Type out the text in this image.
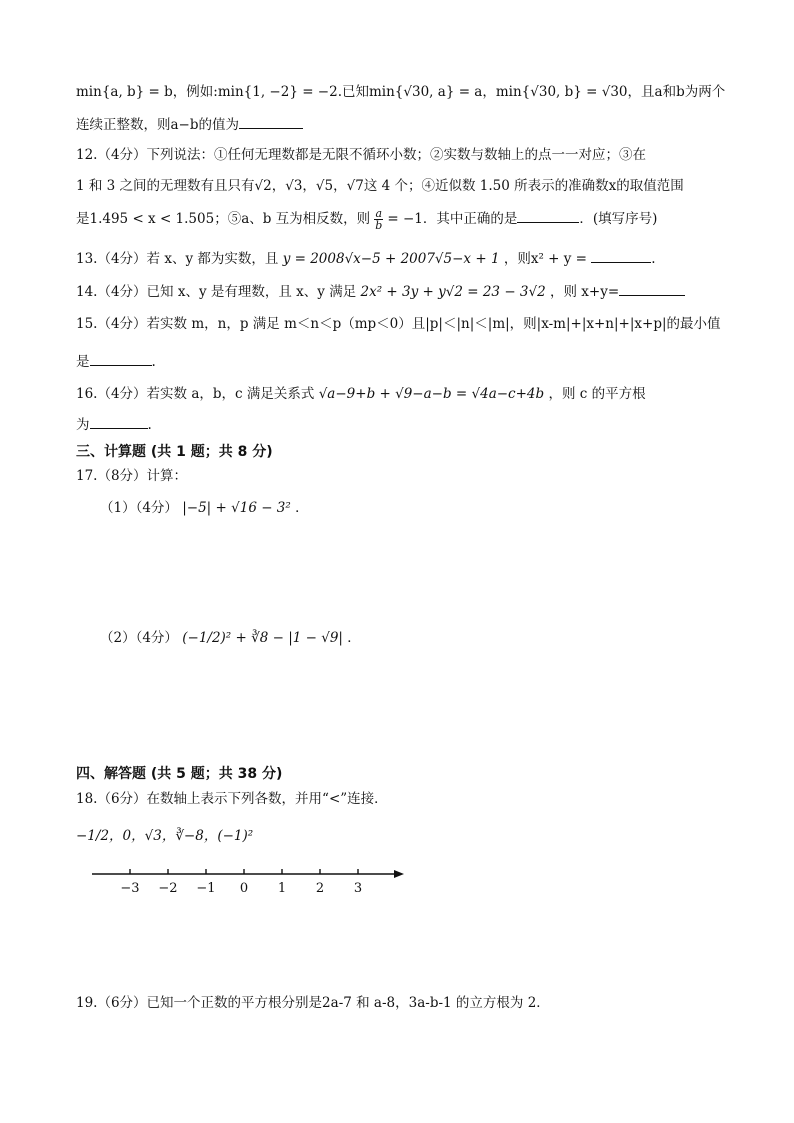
min{a, b} = b，例如:min{1, −2} = −2.已知min{√30, a} = a，min{√30, b} = √30，且a和b为两个
连续正整数，则a−b的值为
12.（4分）下列说法：①任何无理数都是无限不循环小数；②实数与数轴上的点一一对应；③在
1 和 3 之间的无理数有且只有√2，√3，√5，√7这 4 个；④近似数 1.50 所表示的准确数x的取值范围
是1.495 < x < 1.505；⑤a、b 互为相反数，则 $\frac{a}{b} = -1$．其中正确的是	．(填写序号)
13.（4分）若 x、y 都为实数，且 y = 2008√x−5 + 2007√5−x + 1 ，则x² + y =	.
14.（4分）已知 x、y 是有理数，且 x、y 满足 2x² + 3y + y√2 = 23 − 3√2 ，则 x+y=
15.（4分）若实数 m，n，p 满足 m＜n＜p（mp＜0）且|p|＜|n|＜|m|，则|x-m|+|x+n|+|x+p|的最小值
是	.
16.（4分）若实数 a，b，c 满足关系式 √a−9+b + √9−a−b = √4a−c+4b ，则 c 的平方根
为	.
三、计算题 (共 1 题；共 8 分)
17.（8分）计算：
（1）（4分） |−5| + √16 − 3² ．
（2）（4分） (−1/2)² + ∛8 − |1 − √9| ．
四、解答题 (共 5 题；共 38 分)
18.（6分）在数轴上表示下列各数，并用“<”连接．
−1/2，0，√3，∛−8，(−1)²
−3 −2 −1 0 1 2 3
19.（6分）已知一个正数的平方根分别是2a-7 和 a-8，3a-b-1 的立方根为 2．
